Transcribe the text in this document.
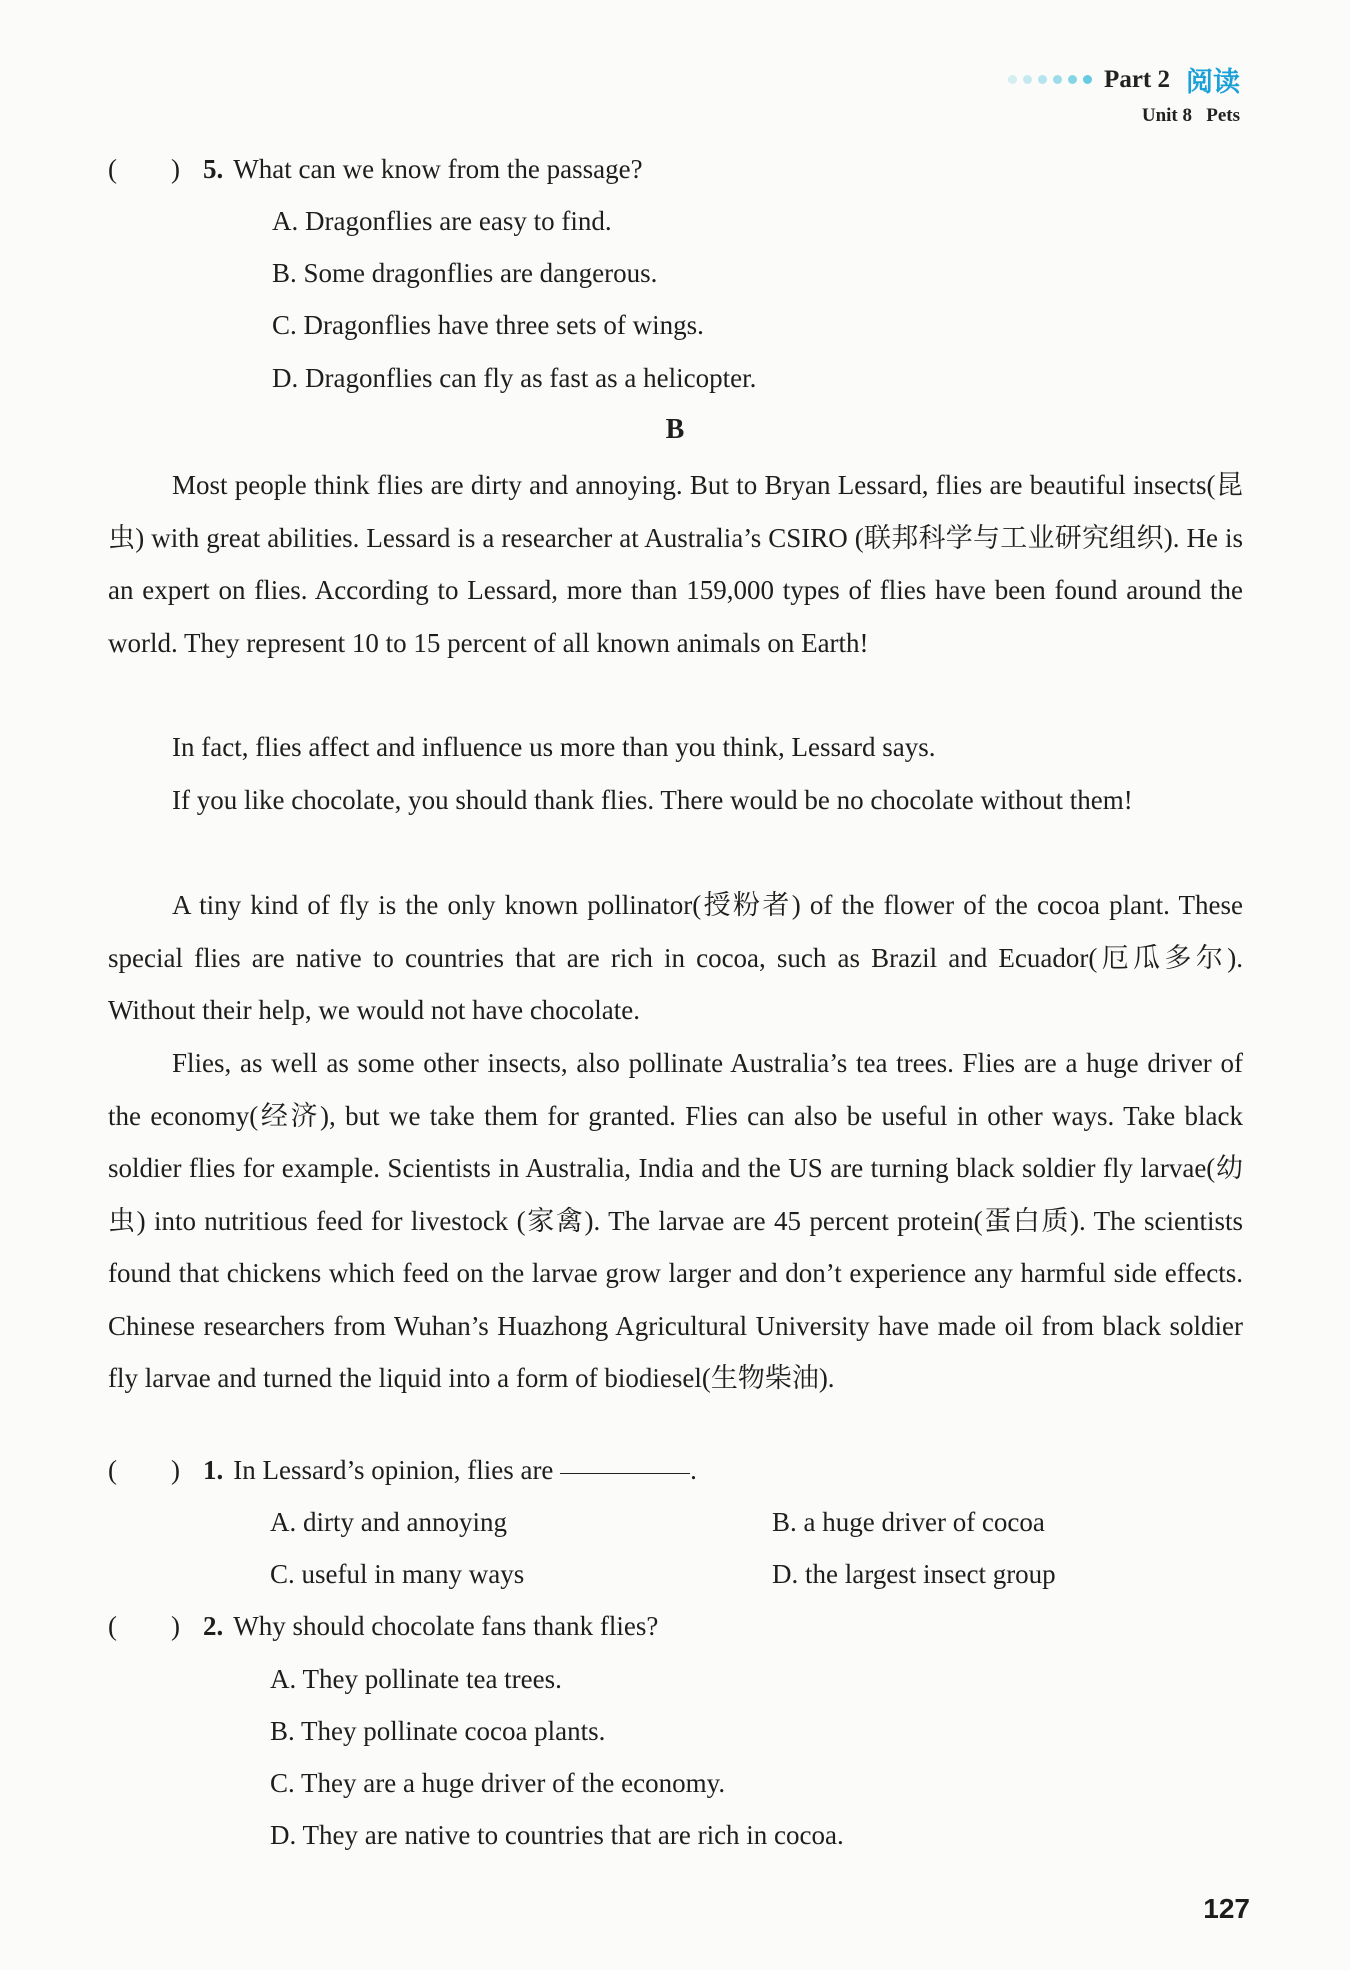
Part 2 阅读
Unit 8   Pets
(        ) 5. What can we know from the passage?
A. Dragonflies are easy to find.
B. Some dragonflies are dangerous.
C. Dragonflies have three sets of wings.
D. Dragonflies can fly as fast as a helicopter.
B

Most people think flies are dirty and annoying. But to Bryan Lessard, flies are beautiful insects(昆虫) with great abilities. Lessard is a researcher at Australia’s CSIRO (联邦科学与工业研究组织). He is an expert on flies. According to Lessard, more than 159,000 types of flies have been found around the world. They represent 10 to 15 percent of all known animals on Earth!

In fact, flies affect and influence us more than you think, Lessard says.

If you like chocolate, you should thank flies. There would be no chocolate without them!

A tiny kind of fly is the only known pollinator(授粉者) of the flower of the cocoa plant. These special flies are native to countries that are rich in cocoa, such as Brazil and Ecuador(厄瓜多尔). Without their help, we would not have chocolate.

Flies, as well as some other insects, also pollinate Australia’s tea trees. Flies are a huge driver of the economy(经济), but we take them for granted. Flies can also be useful in other ways. Take black soldier flies for example. Scientists in Australia, India and the US are turning black soldier fly larvae(幼虫) into nutritious feed for livestock (家禽). The larvae are 45 percent protein(蛋白质). The scientists found that chickens which feed on the larvae grow larger and don’t experience any harmful side effects. Chinese researchers from Wuhan’s Huazhong Agricultural University have made oil from black soldier fly larvae and turned the liquid into a form of biodiesel(生物柴油).

(        ) 1. In Lessard’s opinion, flies are	.
A. dirty and annoying	B. a huge driver of cocoa
C. useful in many ways	D. the largest insect group
(        ) 2. Why should chocolate fans thank flies?
A. They pollinate tea trees.
B. They pollinate cocoa plants.
C. They are a huge driver of the economy.
D. They are native to countries that are rich in cocoa.
127
